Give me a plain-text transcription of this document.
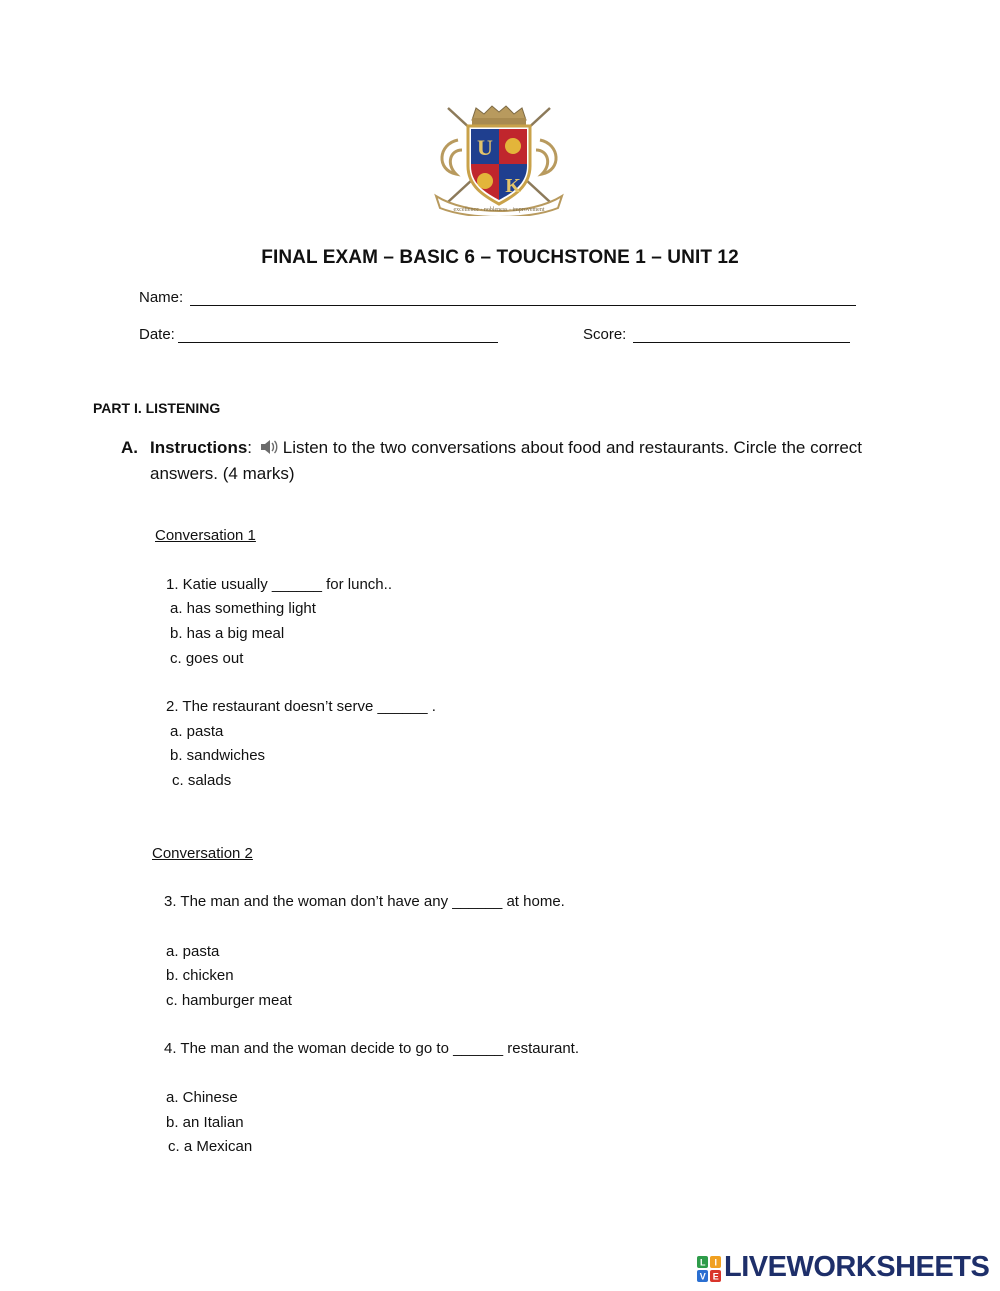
U
K
excellence · nobleness · improvement
FINAL EXAM – BASIC 6 – TOUCHSTONE 1 – UNIT 12
Name:
Date:	Score:
PART I. LISTENING
A. Instructions: Listen to the two conversations about food and restaurants. Circle the correct answers. (4 marks)
Conversation 1
1. Katie usually ______ for lunch..
a. has something light
b. has a big meal
c. goes out
2. The restaurant doesn’t serve ______ .
a. pasta
b. sandwiches
c. salads
Conversation 2
3. The man and the woman don’t have any ______ at home.
a. pasta
b. chicken
c. hamburger meat
4. The man and the woman decide to go to ______ restaurant.
a. Chinese
b. an Italian
c. a Mexican
L I
V E LIVEWORKSHEETS
